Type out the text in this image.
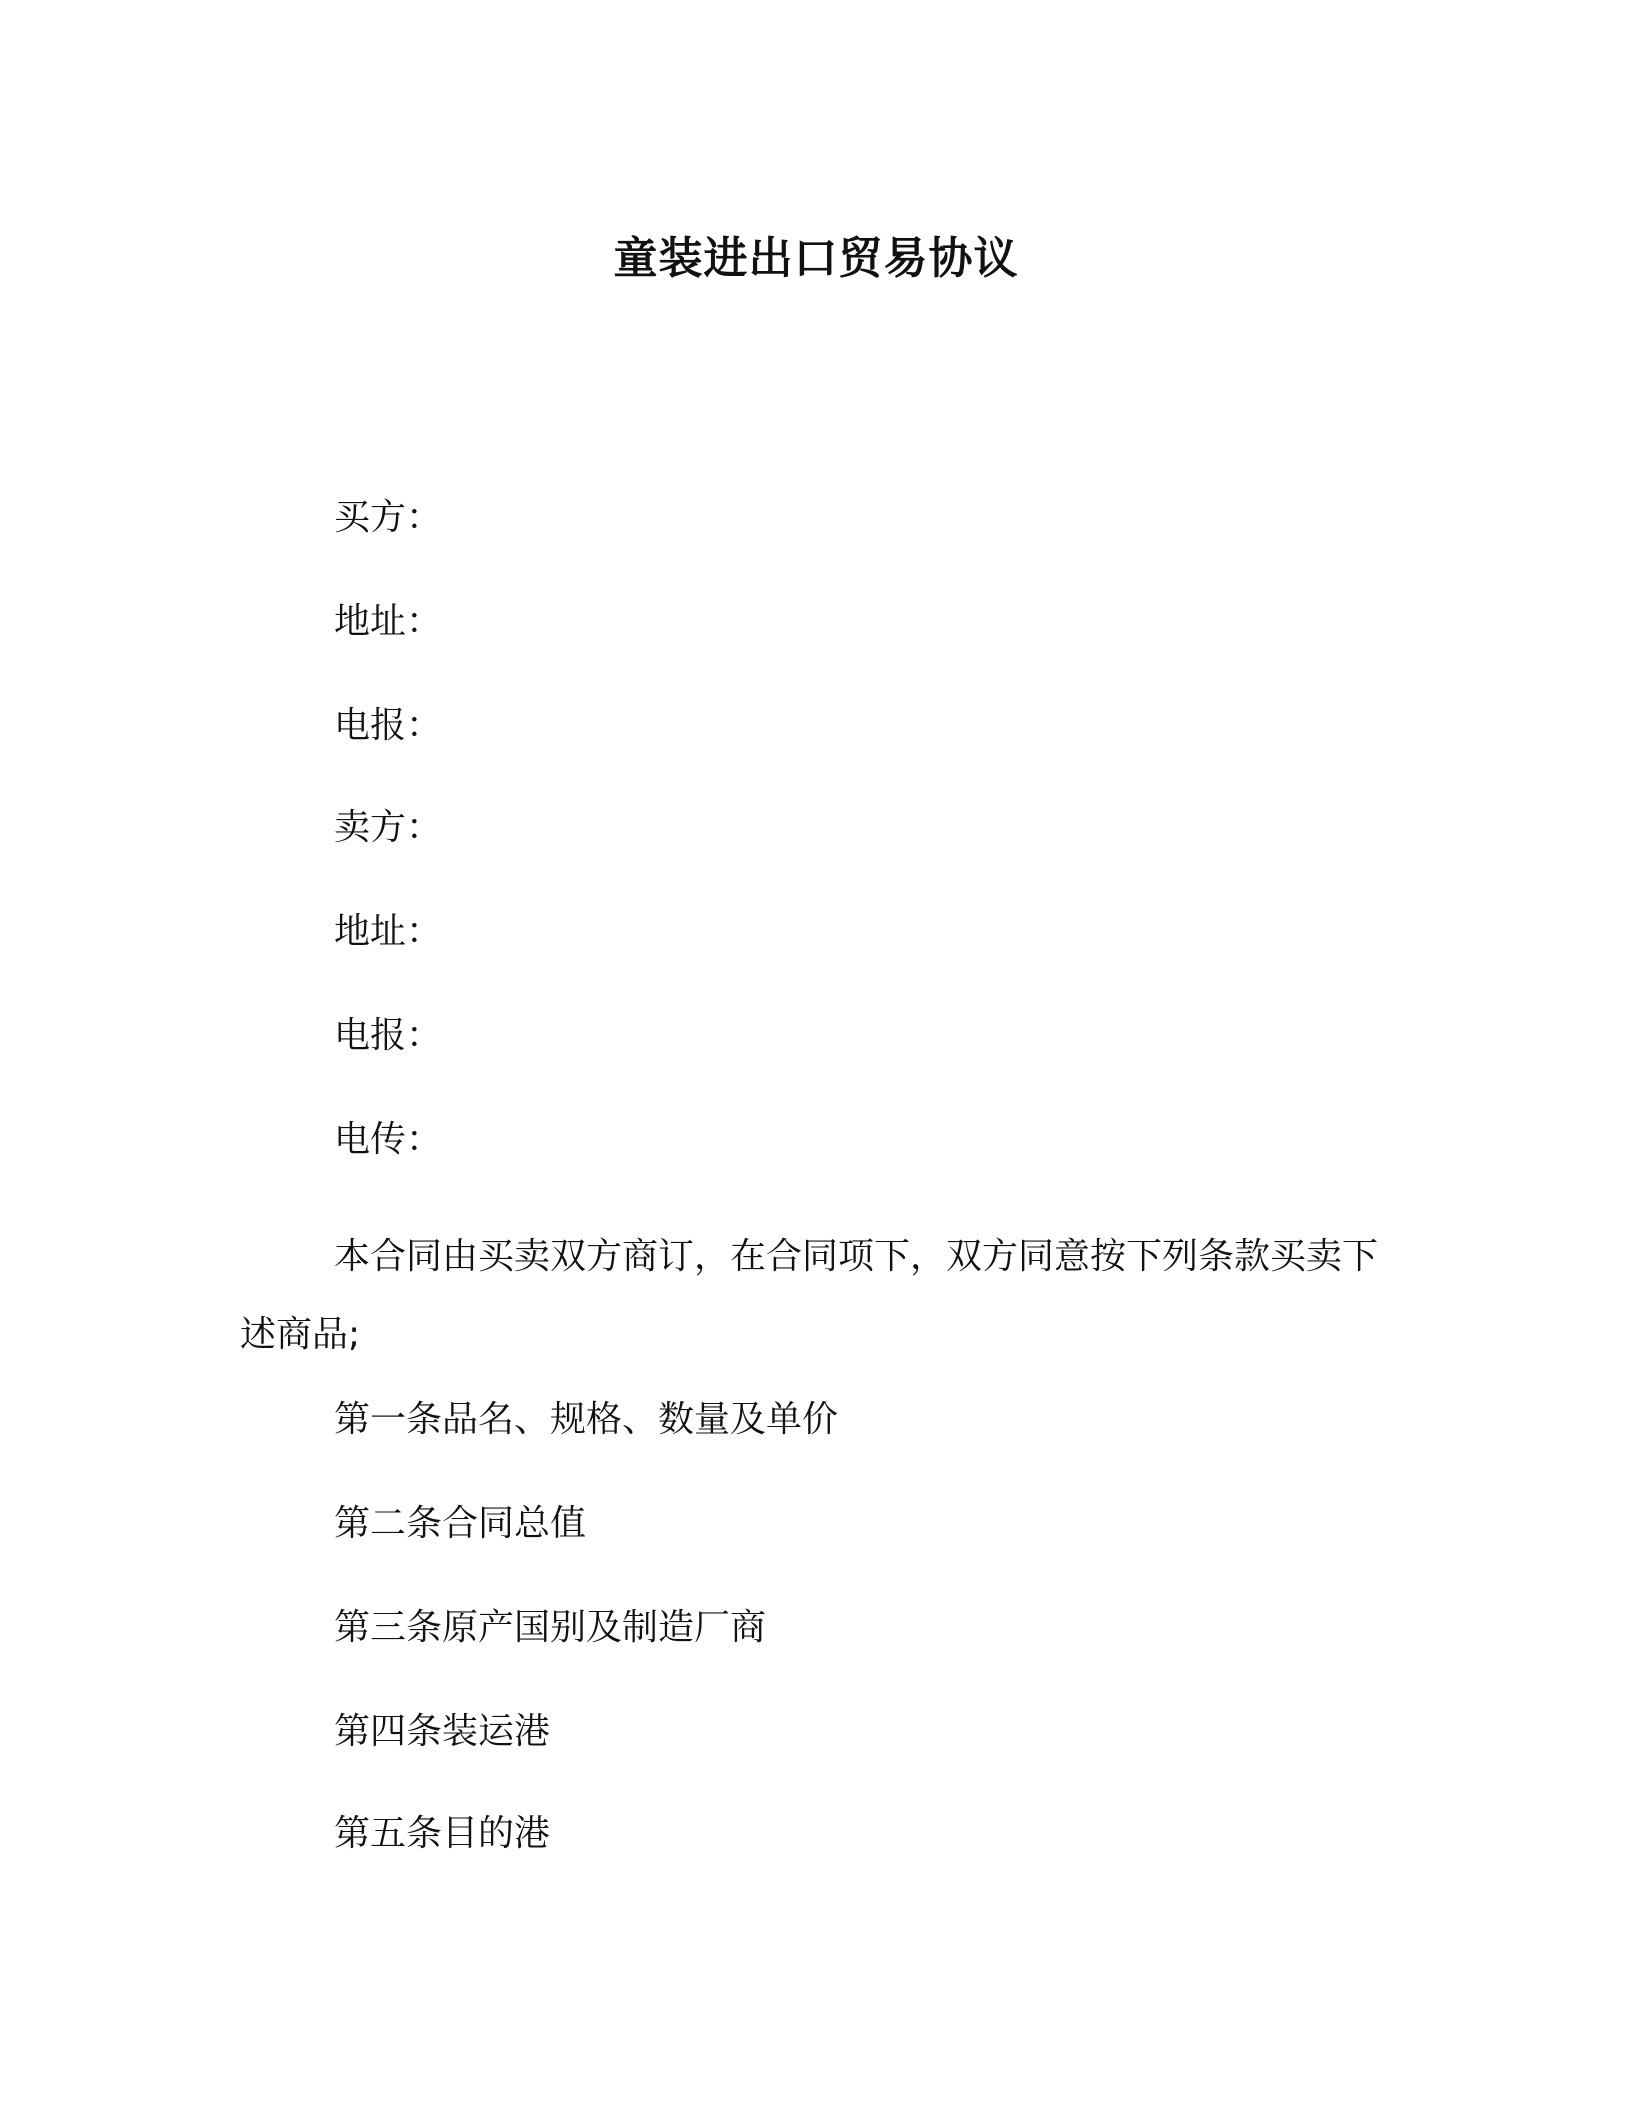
童装进出口贸易协议
买方：
地址：
电报：
卖方：
地址：
电报：
电传：
本合同由买卖双方商订，在合同项下，双方同意按下列条款买卖下述商品;
第一条品名、规格、数量及单价
第二条合同总值
第三条原产国别及制造厂商
第四条装运港
第五条目的港
